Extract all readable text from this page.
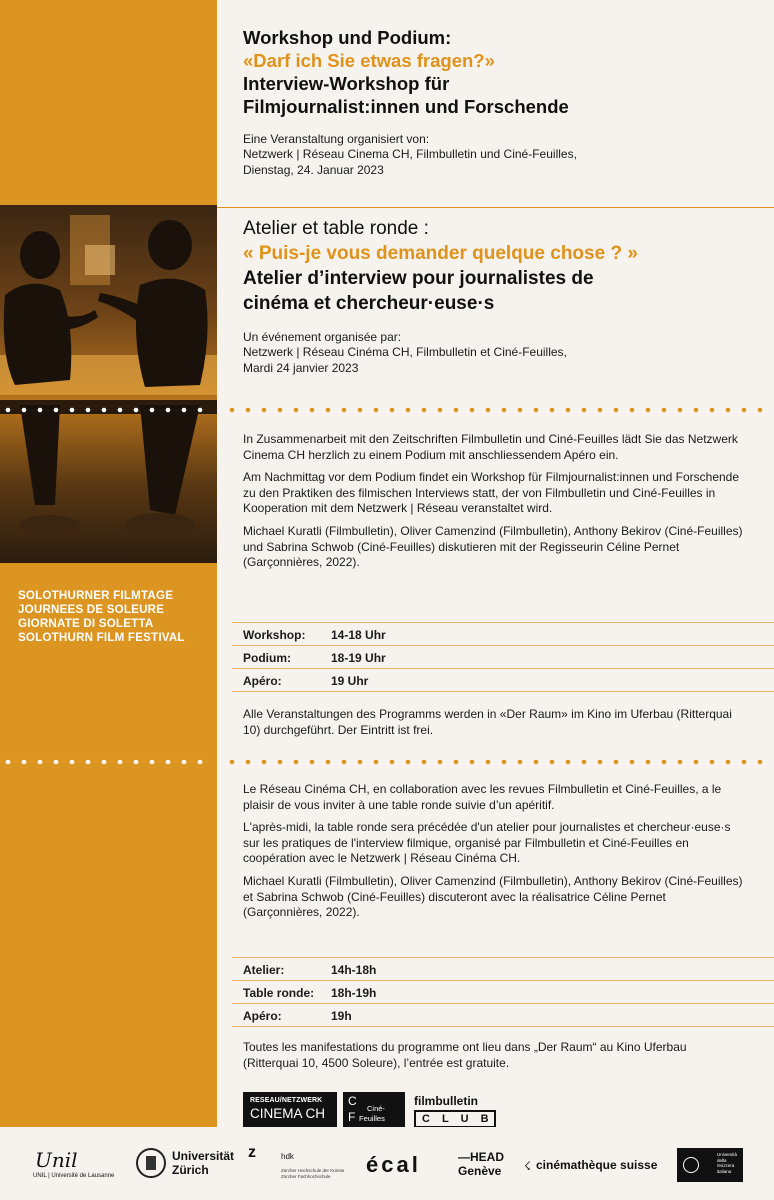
SOLOTHURNER FILMTAGE
JOURNEES DE SOLEURE
GIORNATE DI SOLETTA
SOLOTHURN FILM FESTIVAL
Workshop und Podium:
«Darf ich Sie etwas fragen?»
Interview-Workshop für
Filmjournalist:innen und Forschende
Eine Veranstaltung organisiert von:
Netzwerk | Réseau Cinema CH, Filmbulletin und Ciné-Feuilles,
Dienstag, 24. Januar 2023
Atelier et table ronde :
« Puis-je vous demander quelque chose ? »
Atelier d’interview pour journalistes de
cinéma et chercheur·euse·s
Un événement organisée par:
Netzwerk | Réseau Cinéma CH, Filmbulletin et Ciné-Feuilles,
Mardi 24 janvier 2023

In Zusammenarbeit mit den Zeitschriften Filmbulletin und Ciné-Feuilles lädt Sie das Netzwerk Cinema CH herzlich zu einem Podium mit anschliessendem Apéro ein.

Am Nachmittag vor dem Podium findet ein Workshop für Filmjournalist:innen und Forschende zu den Praktiken des filmischen Interviews statt, der von Filmbulletin und Ciné-Feuilles in Kooperation mit dem Netzwerk | Réseau veranstaltet wird.

Michael Kuratli (Filmbulletin), Oliver Camenzind (Filmbulletin), Anthony Bekirov (Ciné-Feuilles) und Sabrina Schwob (Ciné-Feuilles) diskutieren mit der Regisseurin Céline Pernet (Garçonnières, 2022).

Workshop: 14-18 Uhr
Podium:	18-19 Uhr
Apéro:	19 Uhr

Alle Veranstaltungen des Programms werden in «Der Raum» im Kino im Uferbau (Ritterquai 10) durchgeführt. Der Eintritt ist frei.

Le Réseau Cinéma CH, en collaboration avec les revues Filmbulletin et Ciné-Feuilles, a le plaisir de vous inviter à une table ronde suivie d’un apéritif.

L'après-midi, la table ronde sera précédée d'un atelier pour journalistes et chercheur·euse·s sur les pratiques de l'interview filmique, organisé par Filmbulletin et Ciné-Feuilles en coopération avec le Netzwerk | Réseau Cinéma CH.

Michael Kuratli (Filmbulletin), Oliver Camenzind (Filmbulletin), Anthony Bekirov (Ciné-Feuilles) et Sabrina Schwob (Ciné-Feuilles) discuteront avec la réalisatrice Céline Pernet (Garçonnières, 2022).

Atelier:	14h-18h
Table ronde: 18h-19h
Apéro:	19h

Toutes les manifestations du programme ont lieu dans „Der Raum“ au Kino Uferbau (Ritterquai 10, 4500 Soleure), l’entrée est gratuite.

RESEAU/NETZWERK
CINEMA CH
CF
Ciné-
Feuilles
filmbulletin
CLUB
Unil
UNIL | Université de Lausanne
Universität
Zürich
z	hdk
Zürcher Hochschule der Künste
Zürcher Fachhochschule écal	—HEAD
Genève ☇ cinémathèque suisse
Università
della
Svizzera
italiana
